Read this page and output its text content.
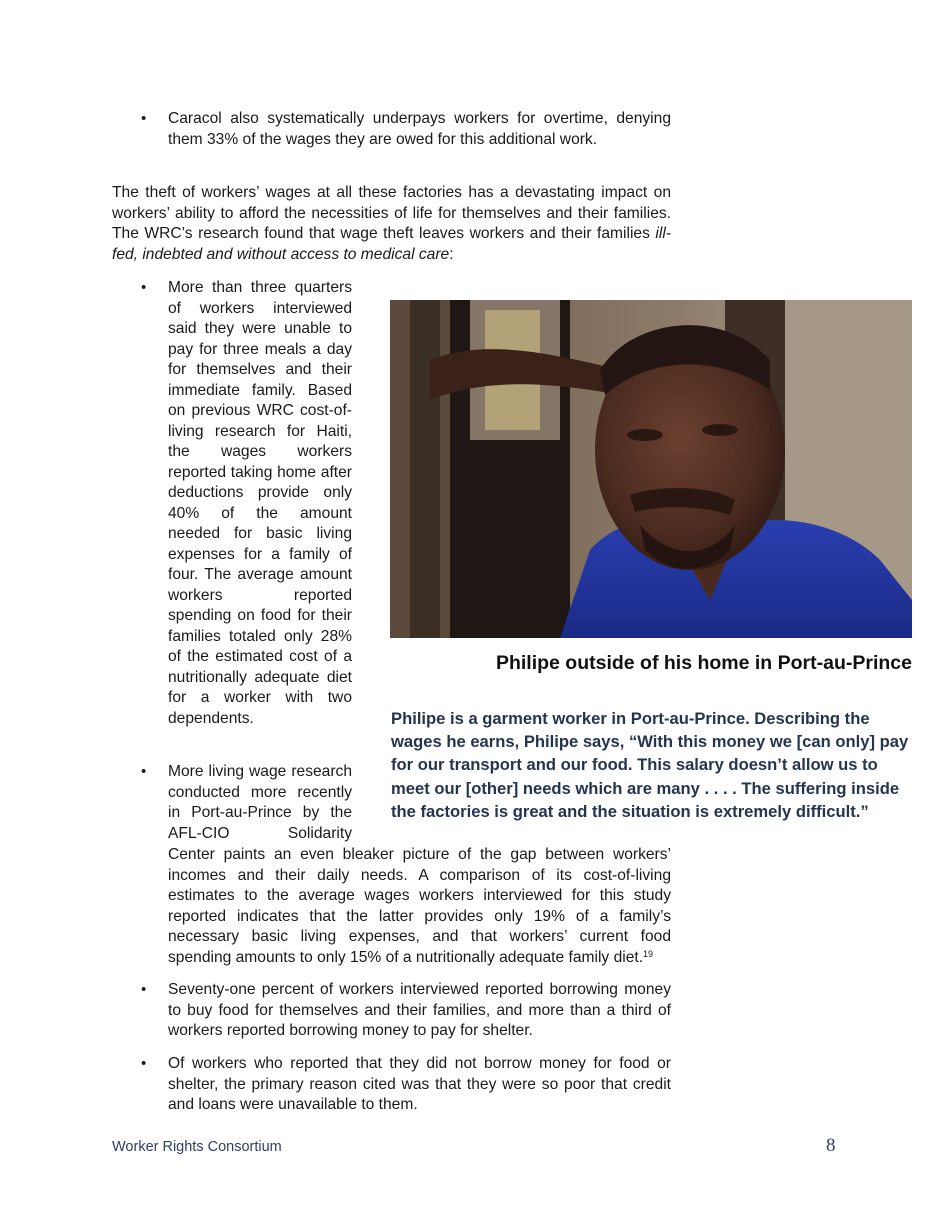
•	Caracol also systematically underpays workers for overtime, denying them 33% of the wages they are owed for this additional work.

The theft of workers’ wages at all these factories has a devastating impact on workers’ ability to afford the necessities of life for themselves and their families. The WRC’s research found that wage theft leaves workers and their families ill-fed, indebted and without access to medical care:

•	More than three quarters of workers interviewed said they were unable to pay for three meals a day for themselves and their immediate family. Based on previous WRC cost-of-living research for Haiti, the wages workers reported taking home after deductions provide only 40% of the amount needed for basic living expenses for a family of four. The average amount workers reported spending on food for their families totaled only 28% of the estimated cost of a nutritionally adequate diet for a worker with two dependents.

•	More living wage research conducted more recently in Port-au-Prince by the AFL-CIO Solidarity

Center paints an even bleaker picture of the gap between workers’ incomes and their daily needs. A comparison of its cost-of-living estimates to the average wages workers interviewed for this study reported indicates that the latter provides only 19% of a family’s necessary basic living expenses, and that workers’ current food spending amounts to only 15% of a nutritionally adequate family diet.$^{19}$

•	Seventy-one percent of workers interviewed reported borrowing money to buy food for themselves and their families, and more than a third of workers reported borrowing money to pay for shelter.

•	Of workers who reported that they did not borrow money for food or shelter, the primary reason cited was that they were so poor that credit and loans were unavailable to them.

Philipe outside of his home in Port-au-Prince

Philipe is a garment worker in Port-au-Prince. Describing the wages he earns, Philipe says, “With this money we [can only] pay for our transport and our food. This salary doesn’t allow us to meet our [other] needs which are many . . . . The suffering inside the factories is great and the situation is extremely difficult.”

Worker Rights Consortium	8
